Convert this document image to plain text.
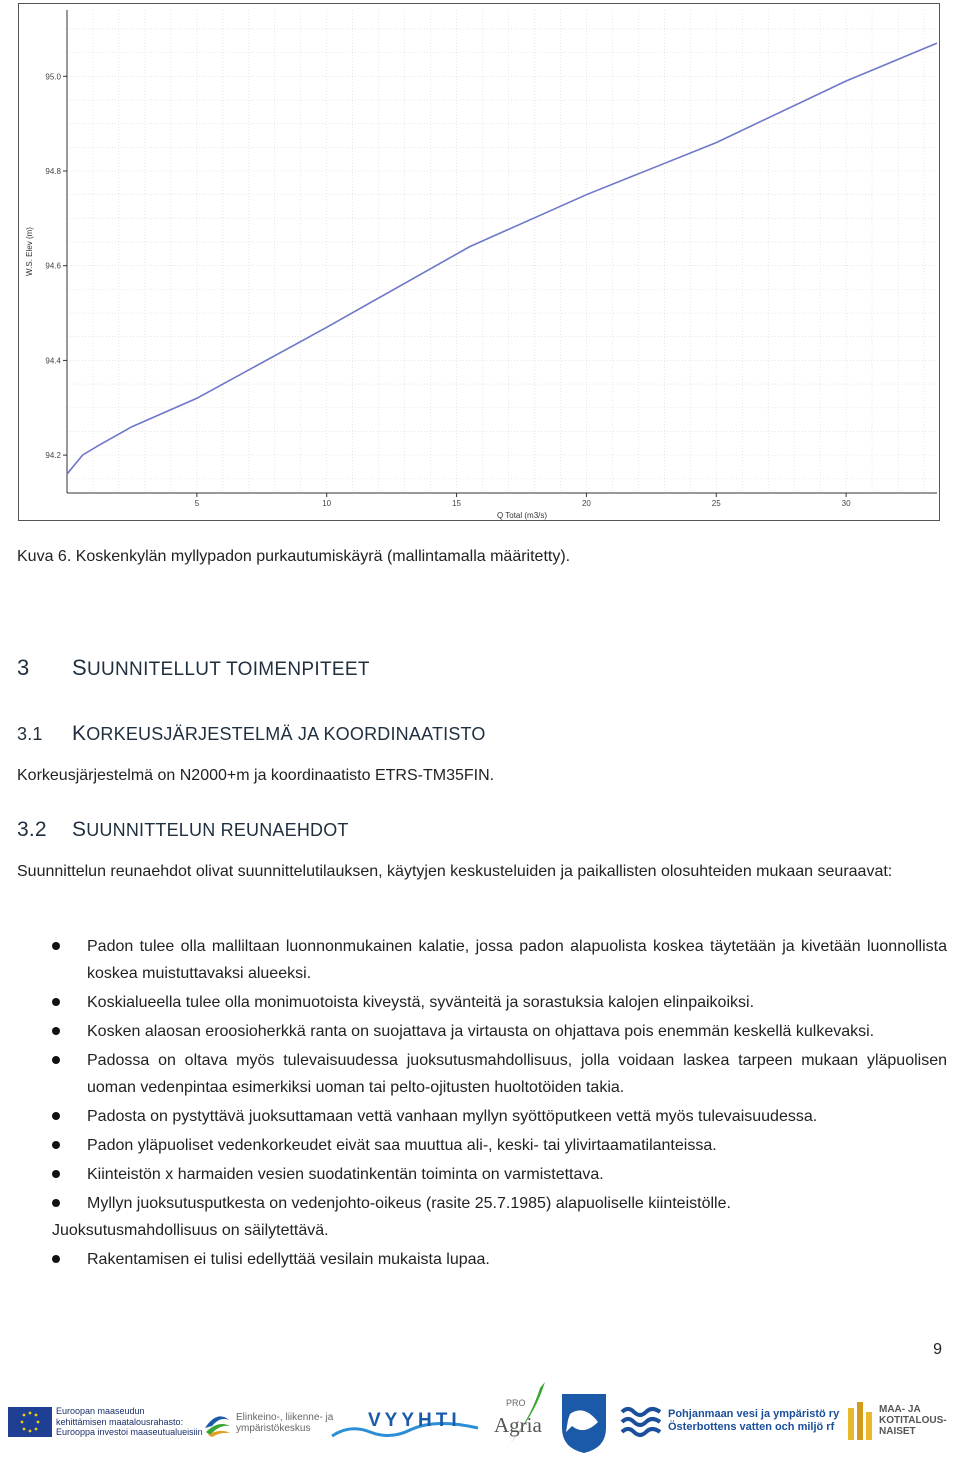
94.2
94.4
94.6
94.8
95.0
5	10	15	20	25	30
Q Total (m3/s)
W.S. Elev (m)
Kuva 6. Koskenkylän myllypadon purkautumiskäyrä (mallintamalla määritetty).
3 SUUNNITELLUT TOIMENPITEET
3.1 KORKEUSJÄRJESTELMÄ JA KOORDINAATISTO
Korkeusjärjestelmä on N2000+m ja koordinaatisto ETRS-TM35FIN.
3.2 SUUNNITTELUN REUNAEHDOT
Suunnittelun reunaehdot olivat suunnittelutilauksen, käytyjen keskusteluiden ja paikallisten olosuhteiden mukaan seuraavat:
Padon tulee olla malliltaan luonnonmukainen kalatie, jossa padon alapuolista koskea täytetään ja kivetään luonnollista koskea muistuttavaksi alueeksi.
Koskialueella tulee olla monimuotoista kiveystä, syvänteitä ja sorastuksia kalojen elinpaikoiksi.
Kosken alaosan eroosioherkkä ranta on suojattava ja virtausta on ohjattava pois enemmän keskellä kulkevaksi.
Padossa on oltava myös tulevaisuudessa juoksutusmahdollisuus, jolla voidaan laskea tarpeen mukaan yläpuolisen uoman vedenpintaa esimerkiksi uoman tai pelto-ojitusten huoltotöiden takia.
Padosta on pystyttävä juoksuttamaan vettä vanhaan myllyn syöttöputkeen vettä myös tulevaisuudessa.
Padon yläpuoliset vedenkorkeudet eivät saa muuttua ali-, keski- tai ylivirtaamatilanteissa.
Kiinteistön x harmaiden vesien suodatinkentän toiminta on varmistettava.
Myllyn juoksutusputkesta on vedenjohto-oikeus (rasite 25.7.1985) alapuoliselle kiinteistölle.
Juoksutusmahdollisuus on säilytettävä.
Rakentamisen ei tulisi edellyttää vesilain mukaista lupaa.
9
Euroopan maaseudun
kehittämisen maatalousrahasto:
Eurooppa investoi maaseutualueisiin
Elinkeino-, liikenne- ja
ympäristökeskus	VYYHTI
PRO
Agria	Pohjanmaan vesi ja ympäristö ry
Österbottens vatten och miljö rf
MAA- JA
KOTITALOUS-
NAISET
